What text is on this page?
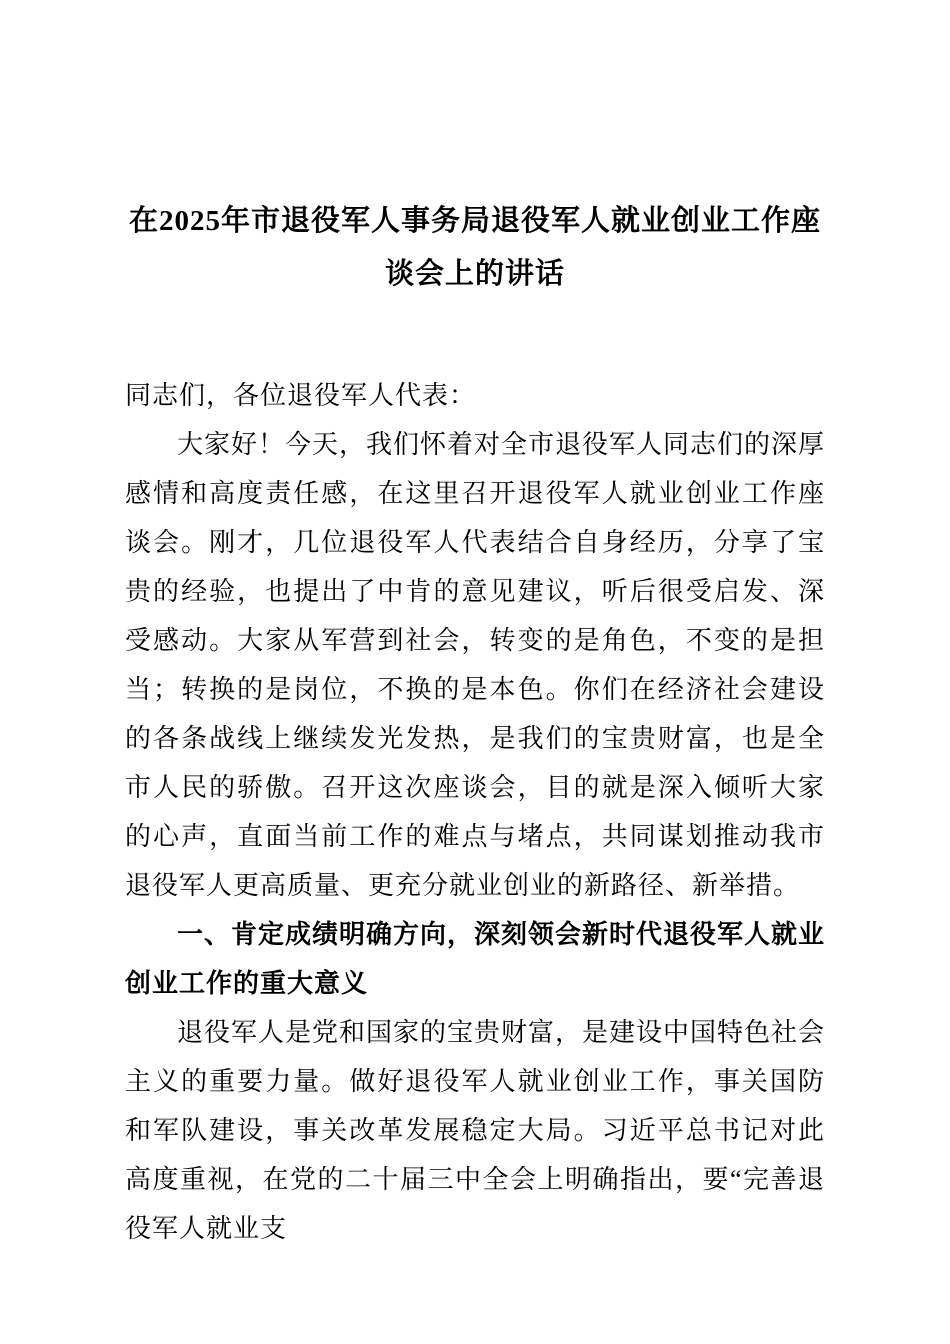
在2025年市退役军人事务局退役军人就业创业工作座谈会上的讲话

同志们，各位退役军人代表：

大家好！今天，我们怀着对全市退役军人同志们的深厚感情和高度责任感，在这里召开退役军人就业创业工作座谈会。刚才，几位退役军人代表结合自身经历，分享了宝贵的经验，也提出了中肯的意见建议，听后很受启发、深受感动。大家从军营到社会，转变的是角色，不变的是担当；转换的是岗位，不换的是本色。你们在经济社会建设的各条战线上继续发光发热，是我们的宝贵财富，也是全市人民的骄傲。召开这次座谈会，目的就是深入倾听大家的心声，直面当前工作的难点与堵点，共同谋划推动我市退役军人更高质量、更充分就业创业的新路径、新举措。

一、肯定成绩明确方向，深刻领会新时代退役军人就业创业工作的重大意义

退役军人是党和国家的宝贵财富，是建设中国特色社会主义的重要力量。做好退役军人就业创业工作，事关国防和军队建设，事关改革发展稳定大局。习近平总书记对此高度重视，在党的二十届三中全会上明确指出，要“完善退役军人就业支
